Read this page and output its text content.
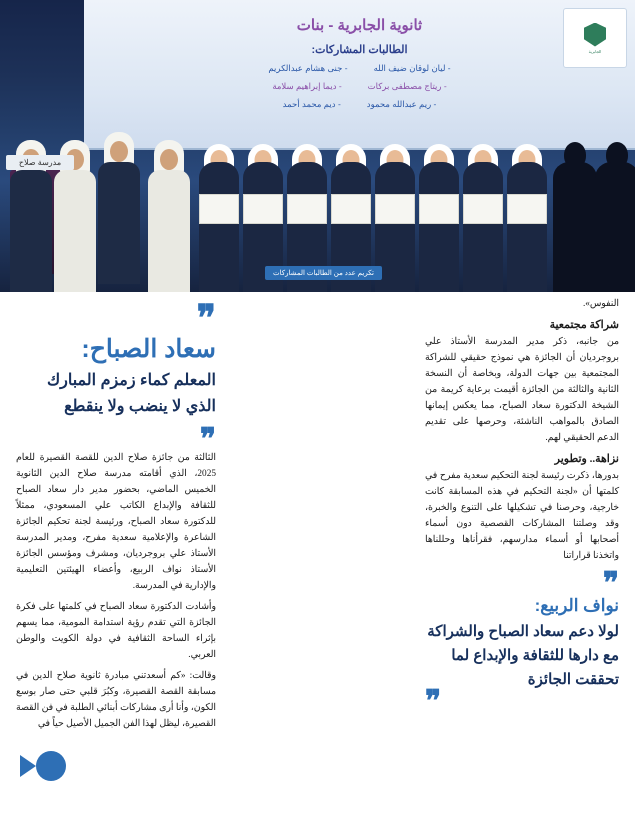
الجابرية
ثانوية الجابرية - بنات
الطالبات المشاركات:
- ليان لوقان ضيف الله
- جنى هشام عبدالكريم
- ريتاج مصطفى بركات
- ديما إبراهيم سلامة
- ريم عبدالله محمود
- ديم محمد أحمد
مدرسة صلاح
تكريم عدد من الطالبات المشاركات

النفوس».

شراكة مجتمعية

من جانبه، ذكر مدير المدرسة الأستاذ علي بروجرديان أن الجائزة هي نموذج حقيقي للشراكة المجتمعية بين جهات الدولة، وبخاصة أن النسخة الثانية والثالثة من الجائزة أقيمت برعاية كريمة من الشيخة الدكتورة سعاد الصباح، مما يعكس إيمانها الصادق بالمواهب الناشئة، وحرصها على تقديم الدعم الحقيقي لهم.

نزاهة.. وتطوير

بدورها، ذكرت رئيسة لجنة التحكيم سعدية مفرح في كلمتها أن «لجنة التحكيم في هذه المسابقة كانت خارجية، وحرصنا في تشكيلها على التنوع والخبرة، وقد وصلتنا المشاركات القصصية دون أسماء أصحابها أو أسماء مدارسهم، فقرأناها وحللناها واتخذنا قراراتنا

❞
نواف الربيع:
لولا دعم سعاد الصباح والشراكة مع دارها للثقافة والإبداع لما تحققت الجائزة
❞
❞
سعاد الصباح:
المعلم كماء زمزم المبارك الذي لا ينضب ولا ينقطع
❞

الثالثة من جائزة صلاح الدين للقصة القصيرة للعام 2025، الذي أقامته مدرسة صلاح الدين الثانوية الخميس الماضي، بحضور مدير دار سعاد الصباح للثقافة والإبداع الكاتب علي المسعودي، ممثلاً للدكتورة سعاد الصباح، ورئيسة لجنة تحكيم الجائزة الشاعرة والإعلامية سعدية مفرح، ومدير المدرسة الأستاذ علي بروجرديان، ومشرف ومؤسس الجائزة الأستاذ نواف الربيع، وأعضاء الهيئتين التعليمية والإدارية في المدرسة.

وأشادت الدكتورة سعاد الصباح في كلمتها على فكرة الجائزة التي تقدم رؤية استدامة المومية، مما يسهم بإثراء الساحة الثقافية في دولة الكويت والوطن العربي.

وقالت: «كم أسعدتني مبادرة ثانوية صلاح الدين في مسابقة القصة القصيرة، وكبُرَ قلبي حتى صار بوسع الكون، وأنا أرى مشاركات أبنائي الطلبة في فن القصة القصيرة، ليظل لهذا الفن الجميل الأصيل حياً في
